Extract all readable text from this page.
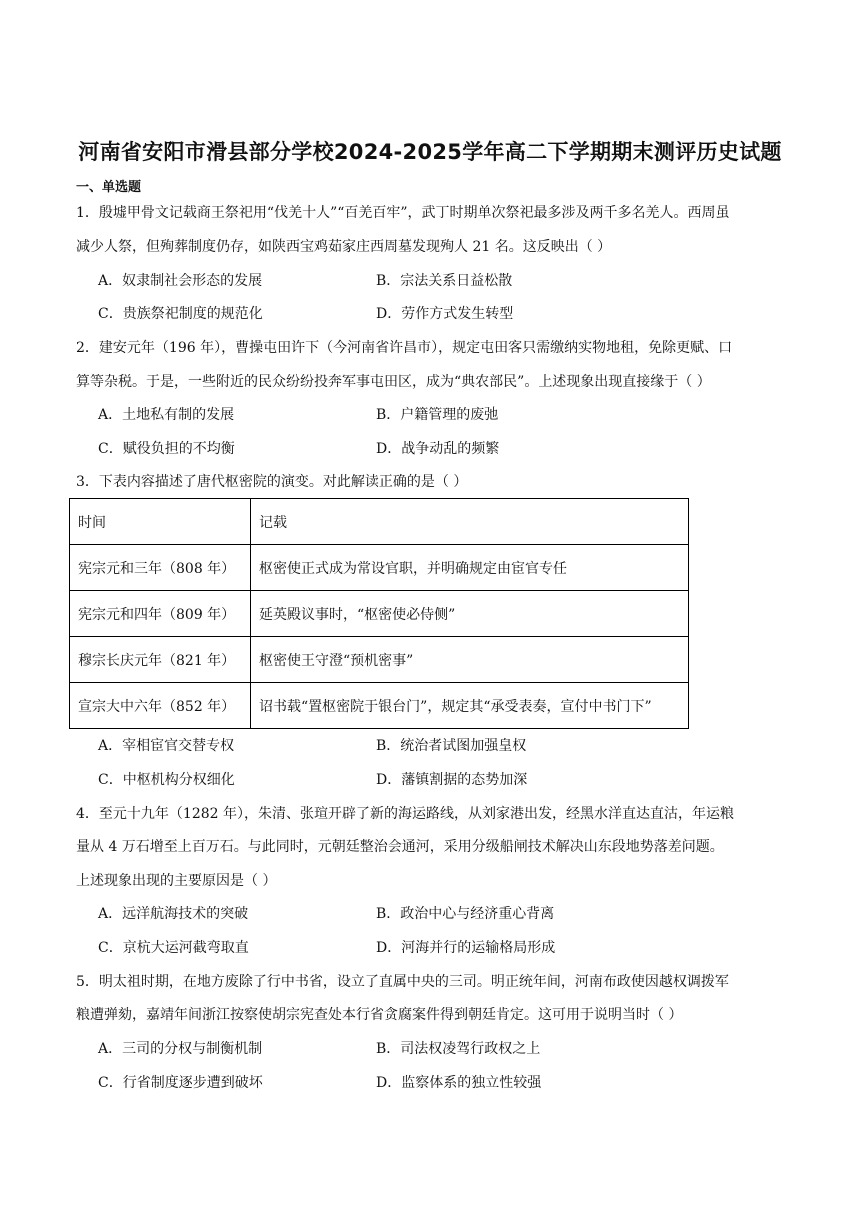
河南省安阳市滑县部分学校2024-2025学年高二下学期期末测评历史试题
一、单选题
1．殷墟甲骨文记载商王祭祀用“伐羌十人”“百羌百牢”，武丁时期单次祭祀最多涉及两千多名羌人。西周虽
减少人祭，但殉葬制度仍存，如陕西宝鸡茹家庄西周墓发现殉人 21 名。这反映出（ ）
A．奴隶制社会形态的发展	B．宗法关系日益松散
C．贵族祭祀制度的规范化	D．劳作方式发生转型
2．建安元年（196 年），曹操屯田许下（今河南省许昌市），规定屯田客只需缴纳实物地租，免除更赋、口
算等杂税。于是，一些附近的民众纷纷投奔军事屯田区，成为“典农部民”。上述现象出现直接缘于（ ）
A．土地私有制的发展	B．户籍管理的废弛
C．赋役负担的不均衡	D．战争动乱的频繁
3．下表内容描述了唐代枢密院的演变。对此解读正确的是（ ）
时间	记载
宪宗元和三年（808 年）	枢密使正式成为常设官职，并明确规定由宦官专任
宪宗元和四年（809 年）	延英殿议事时，“枢密使必侍侧”
穆宗长庆元年（821 年）	枢密使王守澄“预机密事”
宣宗大中六年（852 年）	诏书载“置枢密院于银台门”，规定其“承受表奏，宣付中书门下”
A．宰相宦官交替专权	B．统治者试图加强皇权
C．中枢机构分权细化	D．藩镇割据的态势加深
4．至元十九年（1282 年），朱清、张瑄开辟了新的海运路线，从刘家港出发，经黑水洋直达直沽，年运粮
量从 4 万石增至上百万石。与此同时，元朝廷整治会通河，采用分级船闸技术解决山东段地势落差问题。
上述现象出现的主要原因是（ ）
A．远洋航海技术的突破	B．政治中心与经济重心背离
C．京杭大运河截弯取直	D．河海并行的运输格局形成
5．明太祖时期，在地方废除了行中书省，设立了直属中央的三司。明正统年间，河南布政使因越权调拨军
粮遭弹劾，嘉靖年间浙江按察使胡宗宪查处本行省贪腐案件得到朝廷肯定。这可用于说明当时（ ）
A．三司的分权与制衡机制	B．司法权凌驾行政权之上
C．行省制度逐步遭到破坏	D．监察体系的独立性较强
